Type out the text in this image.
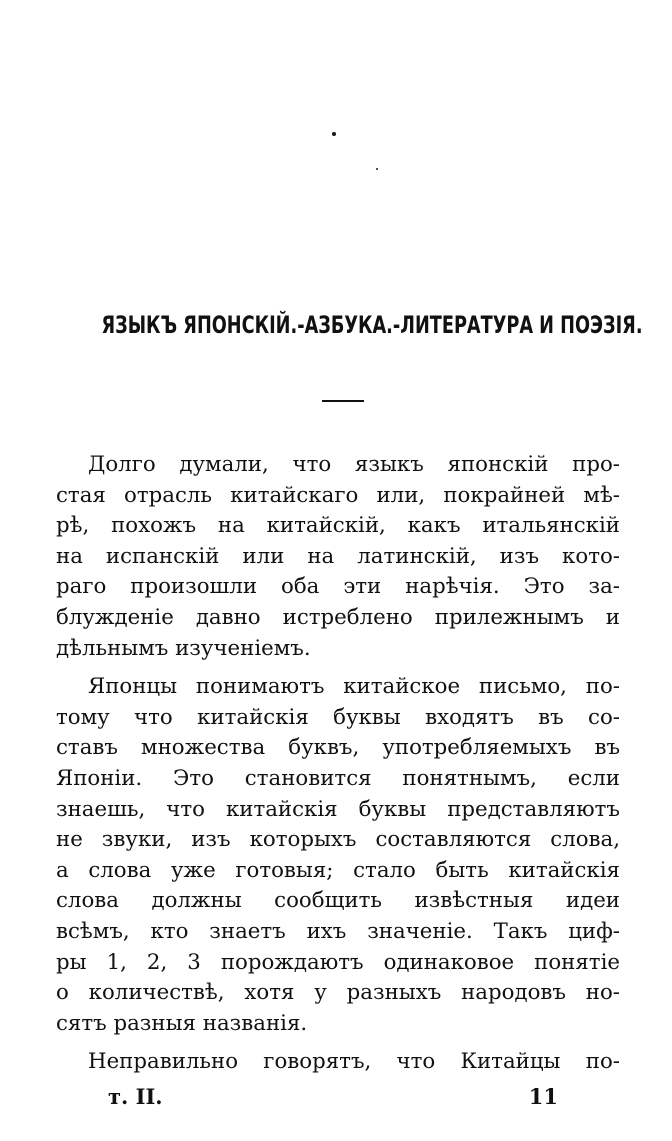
ЯЗЫКЪ ЯПОНСКІЙ.-АЗБУКА.-ЛИТЕРАТУРА И ПОЭЗІЯ.
Долго думали, что языкъ японскій про-
стая отрасль китайскаго или, покрайней мѣ-
рѣ, похожъ на китайскій, какъ итальянскій
на испанскій или на латинскій, изъ кото-
раго произошли оба эти нарѣчія. Это за-
блужденіе давно истреблено прилежнымъ и
дѣльнымъ изученіемъ.
Японцы понимаютъ китайское письмо, по-
тому что китайскія буквы входятъ въ со-
ставъ множества буквъ, употребляемыхъ въ
Японіи. Это становится понятнымъ, если
знаешь, что китайскія буквы представляютъ
не звуки, изъ которыхъ составляются слова,
а слова уже готовыя; стало быть китайскія
слова должны сообщить извѣстныя идеи
всѣмъ, кто знаетъ ихъ значеніе. Такъ циф-
ры 1, 2, 3 порождаютъ одинаковое понятіе
о количествѣ, хотя у разныхъ народовъ но-
сятъ разныя названія.
Неправильно говорятъ, что Китайцы по-
т. II.	11
